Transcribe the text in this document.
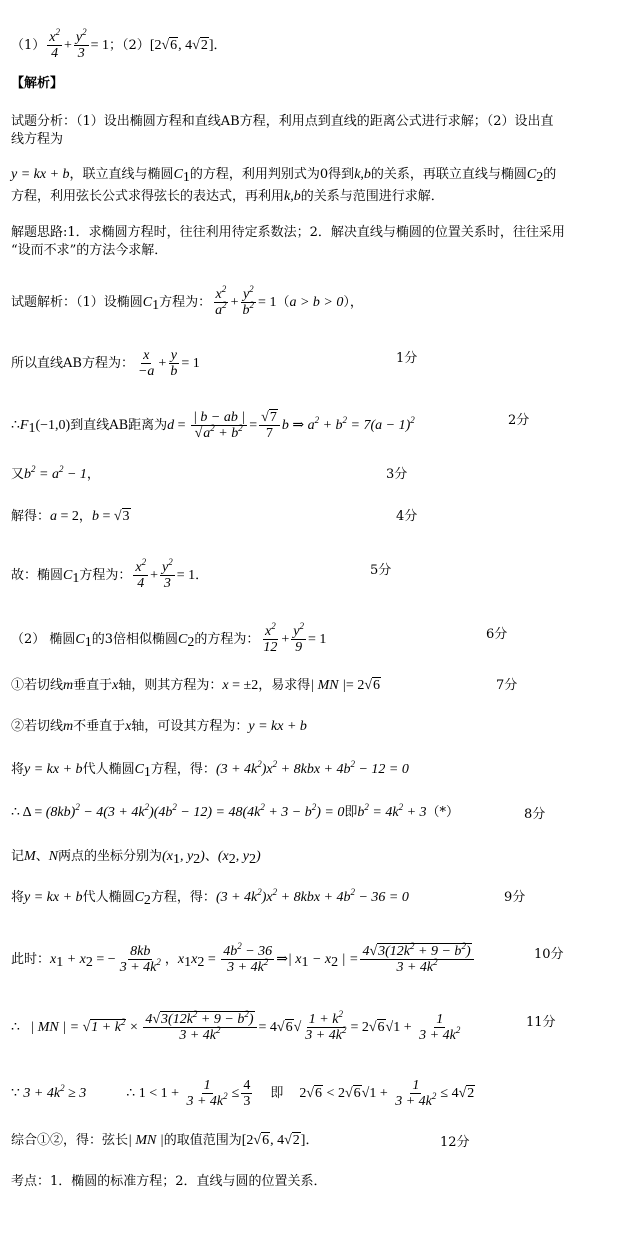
$(1) \frac{x^2}{4} + \frac{y^2}{3} = 1$；（2）[2√6, 4√2]．
【解析】
试题分析：（1）设出椭圆方程和直线AB方程，利用点到直线的距离公式进行求解；（2）设出直
线方程为
y = kx + b，联立直线与椭圆$C_1$的方程，利用判别式为0得到k,b的关系，再联立直线与椭圆$C_2$的
方程，利用弦长公式求得弦长的表达式，再利用k,b的关系与范围进行求解．
解题思路:1．求椭圆方程时，往往利用待定系数法；2．解决直线与椭圆的位置关系时，往往采用
“设而不求”的方法今求解．
试题解析：（1）设椭圆$C_1$方程为： $\frac{x^2}{a^2} + \frac{y^2}{b^2} = 1(a > b > 0)$，
所以直线AB方程为： $\frac{x}{-a} + \frac{y}{b} = 1$	1分
$\therefore F_1(-1,0)$到直线AB距离为$d = \frac{| b - ab |}{√a^2 + b^2} = \frac{√7}{7}$ b ⇒ $a^2 + b^2 = 7(a - 1)^2$	2分
又$b^2 = a^2 - 1$，	3分
解得：a = 2，b = √3	4分
故：椭圆$C_1$方程为： $\frac{x^2}{4} + \frac{y^2}{3} = 1$．	5分
（2） 椭圆$C_1$的3倍相似椭圆$C_2$的方程为： $\frac{x^2}{12} + \frac{y^2}{9} = 1$	6分
①若切线m垂直于x轴，则其方程为：x = ±2，易求得| MN |= 2√6	7分
②若切线m不垂直于x轴，可设其方程为：y = kx + b
将y = kx + b代人椭圆$C_1$方程，得：$(3 + 4k^2)x^2 + 8kbx + 4b^2 - 12 = 0$
∴ $\Delta = (8kb)^2 - 4(3 + 4k^2)(4b^2 - 12) = 48(4k^2 + 3 - b^2) = 0$即$b^2 = 4k^2 + 3(*)$	8分
记M、N两点的坐标分别为($x_1$, $y_2$)、($x_2$, $y_2$)
将y = kx + b代人椭圆$C_2$方程，得：$(3 + 4k^2)x^2 + 8kbx + 4b^2 - 36 = 0$	9分
此时：$x_1 + x_2$ = − $\frac{8kb}{3 + 4k^2}$ ，$x_1x_2 = \frac{4b^2 - 36}{3 + 4k^2}$ ⇒| $x_1 - x_2$ | = $\frac{4√3(12k^2 + 9 - b^2)}{3 + 4k^2}$	10分
∴   | MN | = $√1 + k^2 \times \frac{4√3(12k^2 + 9 - b^2)}{3 + 4k^2} = 4√6√ \frac{1 + k^2}{3 + 4k^2} = 2√6√1 + \frac{1}{3 + 4k^2}$	11分
∵ $3 + 4k^2 \ge 3$	∴ $1 < 1 + \frac{1}{3 + 4k^2} \le \frac{4}{3}$ 即 $2√6 < 2√6√1 + \frac{1}{3 + 4k^2} \le 4√2$
综合①②，得：弦长| MN |的取值范围为[2√6, 4√2]．	12分
考点：1．椭圆的标准方程；2．直线与圆的位置关系．
